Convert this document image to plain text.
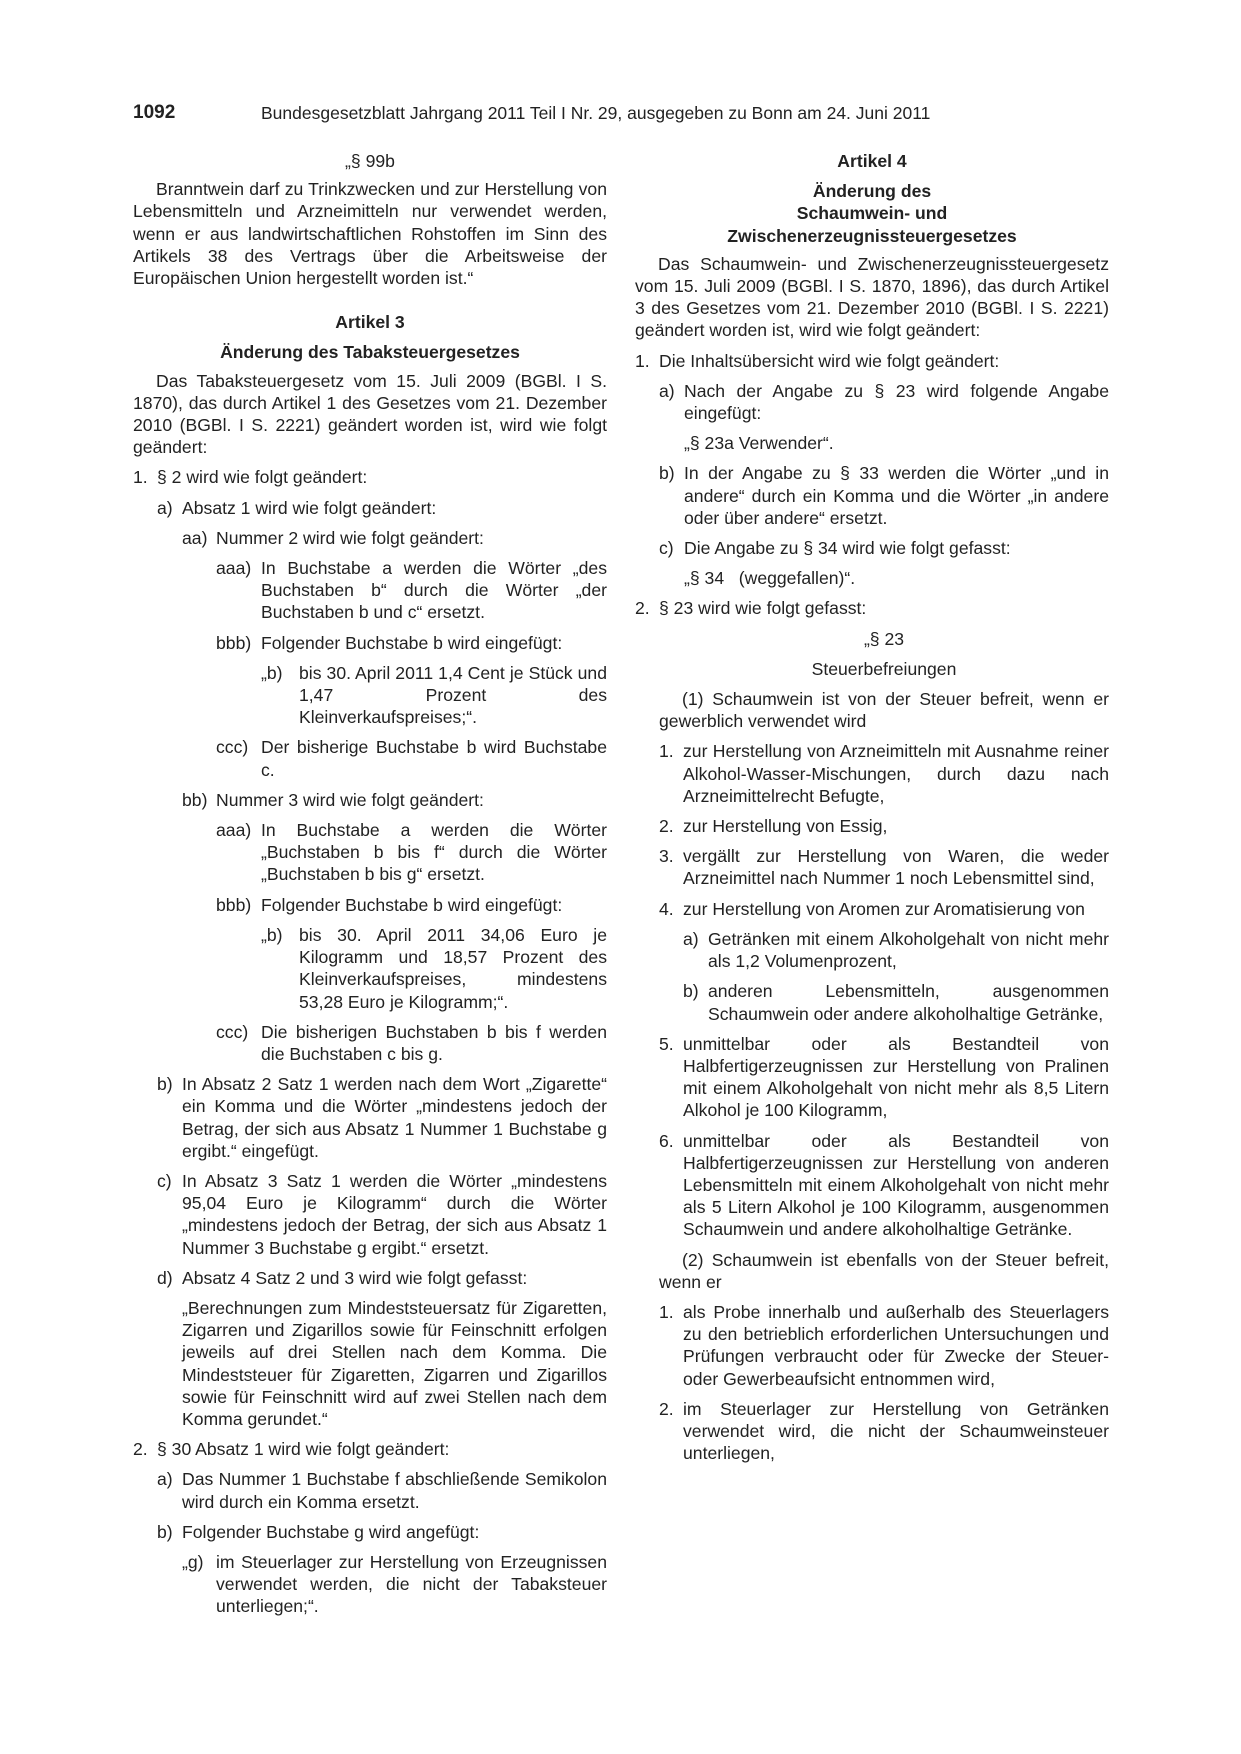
1092	Bundesgesetzblatt Jahrgang 2011 Teil I Nr. 29, ausgegeben zu Bonn am 24. Juni 2011

„§ 99b

Branntwein darf zu Trinkzwecken und zur Herstellung von Lebensmitteln und Arzneimitteln nur verwendet werden, wenn er aus landwirtschaftlichen Rohstoffen im Sinn des Artikels 38 des Vertrags über die Arbeitsweise der Europäischen Union hergestellt worden ist.“

Artikel 3

Änderung des Tabaksteuergesetzes

Das Tabaksteuergesetz vom 15. Juli 2009 (BGBl. I S. 1870), das durch Artikel 1 des Gesetzes vom 21. Dezember 2010 (BGBl. I S. 2221) geändert worden ist, wird wie folgt geändert:

1. § 2 wird wie folgt geändert:
a) Absatz 1 wird wie folgt geändert:
aa) Nummer 2 wird wie folgt geändert:
aaa) In Buchstabe a werden die Wörter „des Buchstaben b“ durch die Wörter „der Buchstaben b und c“ ersetzt.
bbb) Folgender Buchstabe b wird eingefügt:
„b) bis 30. April 2011 1,4 Cent je Stück und 1,47 Prozent des Kleinverkaufspreises;“.
ccc) Der bisherige Buchstabe b wird Buchstabe c.
bb) Nummer 3 wird wie folgt geändert:
aaa) In Buchstabe a werden die Wörter „Buchstaben b bis f“ durch die Wörter „Buchstaben b bis g“ ersetzt.
bbb) Folgender Buchstabe b wird eingefügt:
„b) bis 30. April 2011 34,06 Euro je Kilogramm und 18,57 Prozent des Kleinverkaufspreises, mindestens 53,28 Euro je Kilogramm;“.
ccc) Die bisherigen Buchstaben b bis f werden die Buchstaben c bis g.
b) In Absatz 2 Satz 1 werden nach dem Wort „Zigarette“ ein Komma und die Wörter „mindestens jedoch der Betrag, der sich aus Absatz 1 Nummer 1 Buchstabe g ergibt.“ eingefügt.
c) In Absatz 3 Satz 1 werden die Wörter „mindestens 95,04 Euro je Kilogramm“ durch die Wörter „mindestens jedoch der Betrag, der sich aus Absatz 1 Nummer 3 Buchstabe g ergibt.“ ersetzt.
d) Absatz 4 Satz 2 und 3 wird wie folgt gefasst:

„Berechnungen zum Mindeststeuersatz für Zigaretten, Zigarren und Zigarillos sowie für Feinschnitt erfolgen jeweils auf drei Stellen nach dem Komma. Die Mindeststeuer für Zigaretten, Zigarren und Zigarillos sowie für Feinschnitt wird auf zwei Stellen nach dem Komma gerundet.“

2. § 30 Absatz 1 wird wie folgt geändert:
a) Das Nummer 1 Buchstabe f abschließende Semikolon wird durch ein Komma ersetzt.
b) Folgender Buchstabe g wird angefügt:
„g) im Steuerlager zur Herstellung von Erzeugnissen verwendet werden, die nicht der Tabaksteuer unterliegen;“.

Artikel 4

Änderung des

Schaumwein- und

Zwischenerzeugnissteuergesetzes

Das Schaumwein- und Zwischenerzeugnissteuergesetz vom 15. Juli 2009 (BGBl. I S. 1870, 1896), das durch Artikel 3 des Gesetzes vom 21. Dezember 2010 (BGBl. I S. 2221) geändert worden ist, wird wie folgt geändert:

1. Die Inhaltsübersicht wird wie folgt geändert:
a) Nach der Angabe zu § 23 wird folgende Angabe eingefügt:

„§ 23a Verwender“.

b) In der Angabe zu § 33 werden die Wörter „und in andere“ durch ein Komma und die Wörter „in andere oder über andere“ ersetzt.
c) Die Angabe zu § 34 wird wie folgt gefasst:

„§ 34   (weggefallen)“.

2. § 23 wird wie folgt gefasst:

„§ 23

Steuerbefreiungen

(1) Schaumwein ist von der Steuer befreit, wenn er gewerblich verwendet wird

1. zur Herstellung von Arzneimitteln mit Ausnahme reiner Alkohol-Wasser-Mischungen, durch dazu nach Arzneimittelrecht Befugte,
2. zur Herstellung von Essig,
3. vergällt zur Herstellung von Waren, die weder Arzneimittel nach Nummer 1 noch Lebensmittel sind,
4. zur Herstellung von Aromen zur Aromatisierung von
a) Getränken mit einem Alkoholgehalt von nicht mehr als 1,2 Volumenprozent,
b) anderen Lebensmitteln, ausgenommen Schaumwein oder andere alkoholhaltige Getränke,
5. unmittelbar oder als Bestandteil von Halbfertigerzeugnissen zur Herstellung von Pralinen mit einem Alkoholgehalt von nicht mehr als 8,5 Litern Alkohol je 100 Kilogramm,
6. unmittelbar oder als Bestandteil von Halbfertigerzeugnissen zur Herstellung von anderen Lebensmitteln mit einem Alkoholgehalt von nicht mehr als 5 Litern Alkohol je 100 Kilogramm, ausgenommen Schaumwein und andere alkoholhaltige Getränke.

(2) Schaumwein ist ebenfalls von der Steuer befreit, wenn er

1. als Probe innerhalb und außerhalb des Steuerlagers zu den betrieblich erforderlichen Untersuchungen und Prüfungen verbraucht oder für Zwecke der Steuer- oder Gewerbeaufsicht entnommen wird,
2. im Steuerlager zur Herstellung von Getränken verwendet wird, die nicht der Schaumweinsteuer unterliegen,
